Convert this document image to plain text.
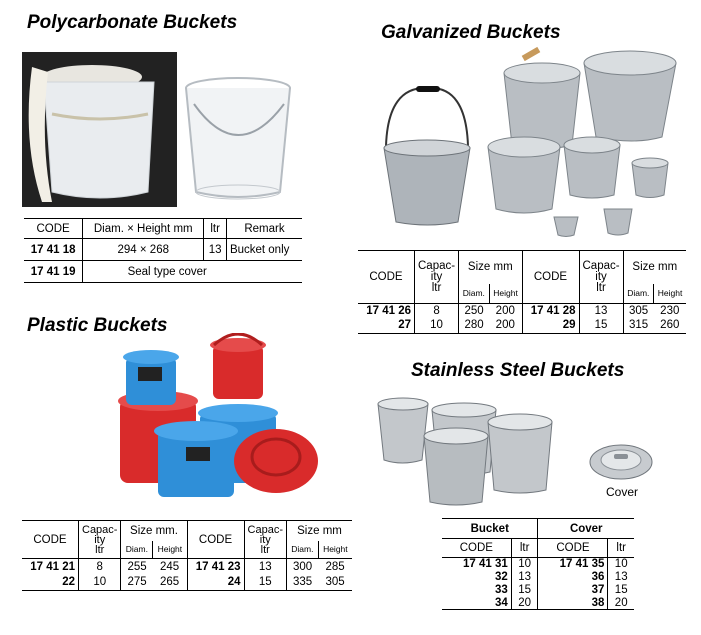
Polycarbonate Buckets
CODE	Diam. × Height mm	ltr	Remark
17 41 18	294 × 268	13	Bucket only
17 41 19	Seal type cover		
Plastic Buckets
CODE	Capac-
ity
ltr	Size mm.		CODE	Capac-
ity
ltr	Size mm	
		Diam.	Height			Diam.	Height
17 41 21	8	255	245	17 41 23	13	300	285
22	10	275	265	24	15	335	305
Galvanized Buckets
CODE	Capac-
ity
ltr	Size mm		CODE	Capac-
ity
ltr	Size mm	
		Diam.	Height			Diam.	Height
17 41 26	8	250	200	17 41 28	13	305	230
27	10	280	200	29	15	315	260
Stainless Steel Buckets
Cover
Bucket		Cover	
CODE	ltr	CODE	ltr
17 41 31	10	17 41 35	10
32	13	36	13
33	15	37	15
34	20	38	20
